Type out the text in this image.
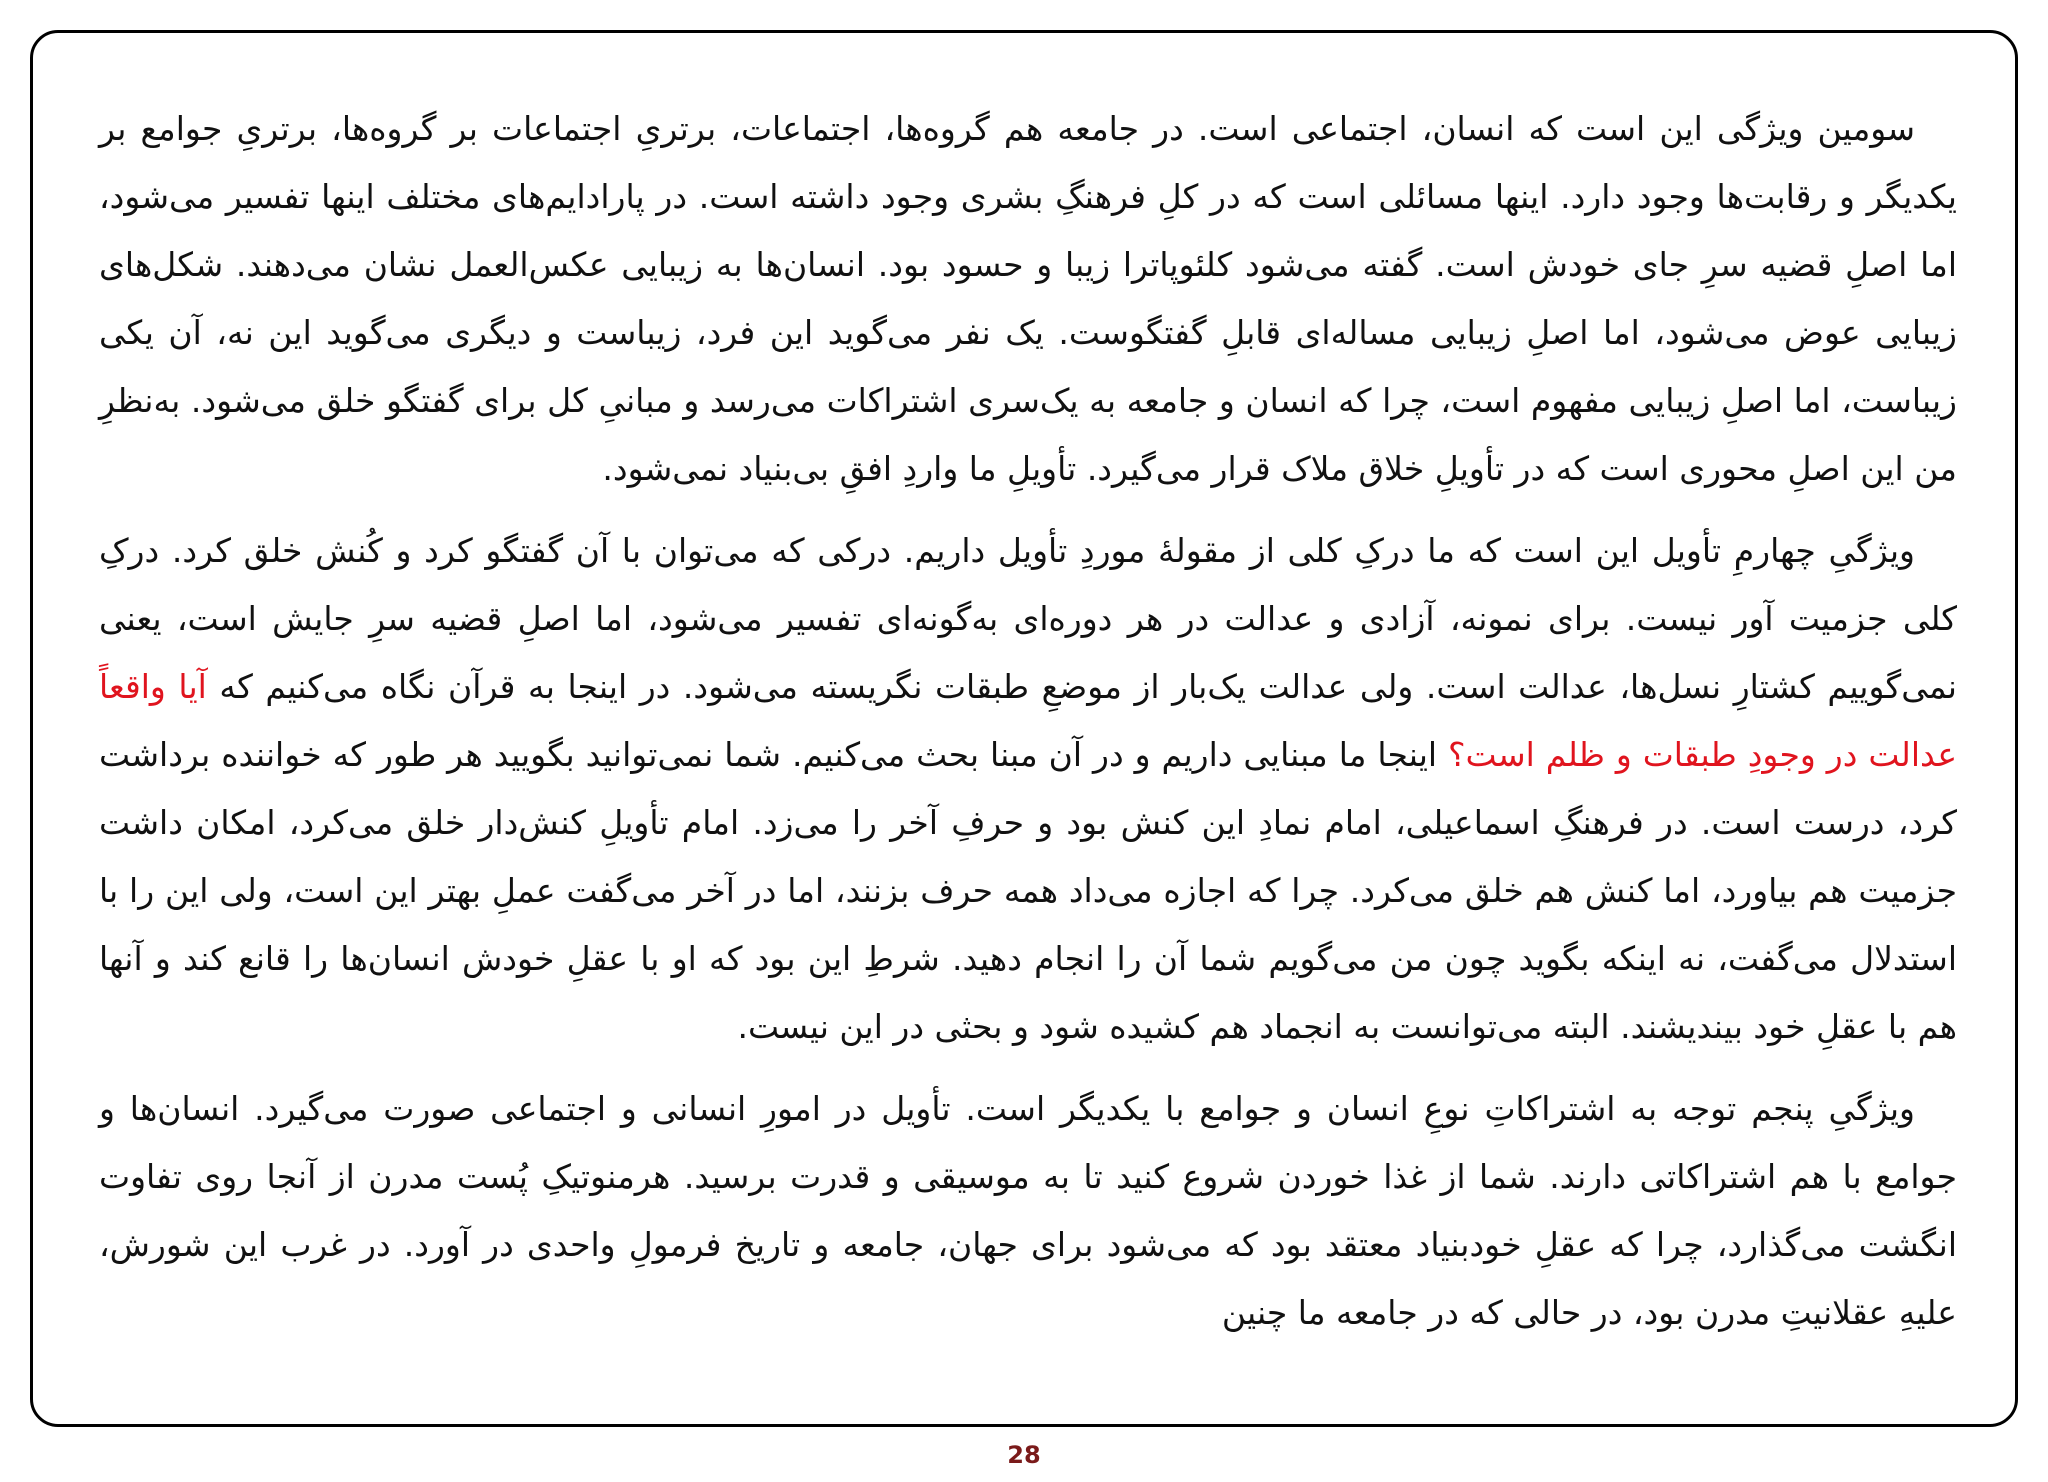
سومین ویژگی این است که انسان، اجتماعی است. در جامعه هم گروه‌ها، اجتماعات، برتریِ اجتماعات بر گروه‌ها، برتریِ جوامع بر یکدیگر و رقابت‌ها وجود دارد. اینها مسائلی است که در کلِ فرهنگِ بشری وجود داشته است. در پارادایم‌های مختلف اینها تفسیر می‌شود، اما اصلِ قضیه سرِ جای خودش است. گفته می‌شود کلئوپاترا زیبا و حسود بود. انسان‌ها به زیبایی عکس‌العمل نشان می‌دهند. شکل‌های زیبایی عوض می‌شود، اما اصلِ زیبایی مساله‌ای قابلِ گفتگوست. یک نفر می‌گوید این فرد، زیباست و دیگری می‌گوید این نه، آن یکی زیباست، اما اصلِ زیبایی مفهوم است، چرا که انسان و جامعه به یک‌سری اشتراکات می‌رسد و مبانیِ کل برای گفتگو خلق می‌شود. به‌نظرِ من این اصلِ محوری است که در تأویلِ خلاق ملاک قرار می‌گیرد. تأویلِ ما واردِ افقِ بی‌بنیاد نمی‌شود.

ویژگیِ چهارمِ تأویل این است که ما درکِ کلی از مقولهٔ موردِ تأویل داریم. درکی که می‌توان با آن گفتگو کرد و کُنش خلق کرد. درکِ کلی جزمیت آور نیست. برای نمونه، آزادی و عدالت در هر دوره‌ای به‌گونه‌ای تفسیر می‌شود، اما اصلِ قضیه سرِ جایش است، یعنی نمی‌گوییم کشتارِ نسل‌ها، عدالت است. ولی عدالت یک‌بار از موضعِ طبقات نگریسته می‌شود. در اینجا به قرآن نگاه می‌کنیم که آیا واقعاً عدالت در وجودِ طبقات و ظلم است؟ اینجا ما مبنایی داریم و در آن مبنا بحث می‌کنیم. شما نمی‌توانید بگویید هر طور که خواننده برداشت کرد، درست است. در فرهنگِ اسماعیلی، امام نمادِ این کنش بود و حرفِ آخر را می‌زد. امام تأویلِ کنش‌دار خلق می‌کرد، امکان داشت جزمیت هم بیاورد، اما کنش هم خلق می‌کرد. چرا که اجازه می‌داد همه حرف بزنند، اما در آخر می‌گفت عملِ بهتر این است، ولی این را با استدلال می‌گفت، نه اینکه بگوید چون من می‌گویم شما آن را انجام دهید. شرطِ این بود که او با عقلِ خودش انسان‌ها را قانع کند و آنها هم با عقلِ خود بیندیشند. البته می‌توانست به انجماد هم کشیده شود و بحثی در این نیست.

ویژگیِ پنجم توجه به اشتراکاتِ نوعِ انسان و جوامع با یکدیگر است. تأویل در امورِ انسانی و اجتماعی صورت می‌گیرد. انسان‌ها و جوامع با هم اشتراکاتی دارند. شما از غذا خوردن شروع کنید تا به موسیقی و قدرت برسید. هرمنوتیکِ پُست مدرن از آنجا روی تفاوت انگشت می‌گذارد، چرا که عقلِ خودبنیاد معتقد بود که می‌شود برای جهان، جامعه و تاریخ فرمولِ واحدی در آورد. در غرب این شورش، علیهِ عقلانیتِ مدرن بود، در حالی که در جامعه ما چنین

28
